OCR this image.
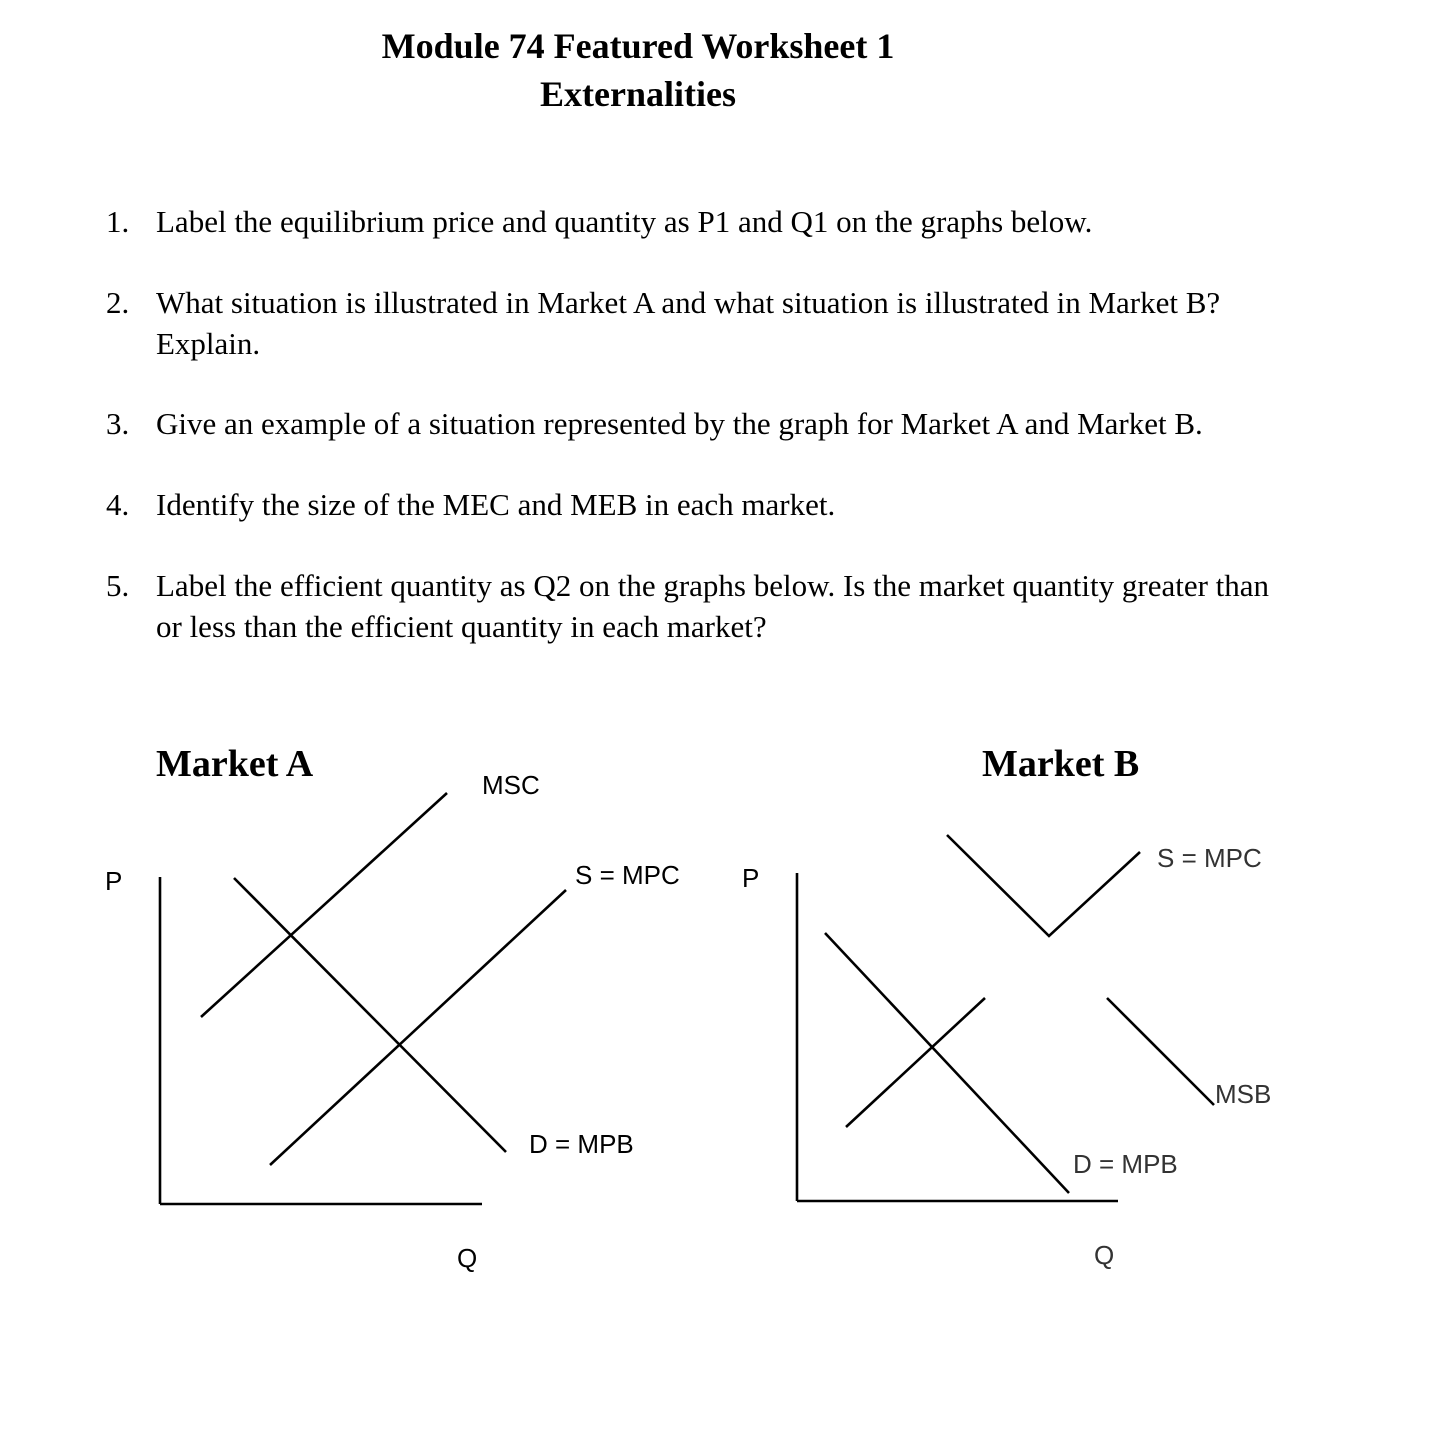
Module 74 Featured Worksheet 1
Externalities
1. Label the equilibrium price and quantity as P1 and Q1 on the graphs below.
2. What situation is illustrated in Market A and what situation is illustrated in Market B? Explain.
3. Give an example of a situation represented by the graph for Market A and Market B.
4. Identify the size of the MEC and MEB in each market.
5. Label the efficient quantity as Q2 on the graphs below. Is the market quantity greater than or less than the efficient quantity in each market?
Market A	Market B
P
Q
MSC
S = MPC
D = MPB
P
Q
S = MPC
MSB
D = MPB
